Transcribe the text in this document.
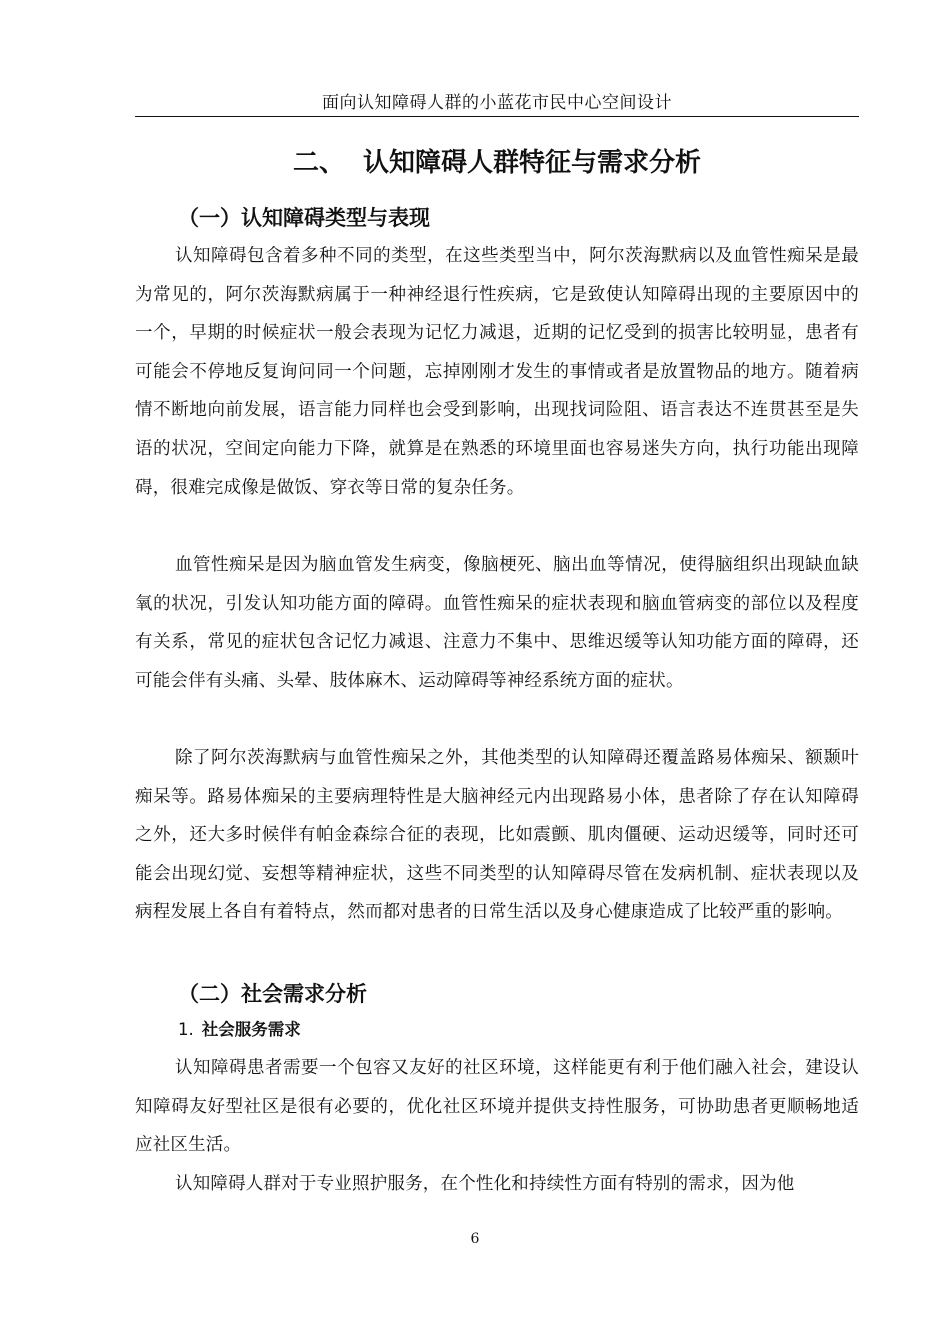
面向认知障碍人群的小蓝花市民中心空间设计
二、 认知障碍人群特征与需求分析
（一）认知障碍类型与表现

认知障碍包含着多种不同的类型，在这些类型当中，阿尔茨海默病以及血管性痴呆是最为常见的，阿尔茨海默病属于一种神经退行性疾病，它是致使认知障碍出现的主要原因中的一个，早期的时候症状一般会表现为记忆力减退，近期的记忆受到的损害比较明显，患者有可能会不停地反复询问同一个问题，忘掉刚刚才发生的事情或者是放置物品的地方。随着病情不断地向前发展，语言能力同样也会受到影响，出现找词险阻、语言表达不连贯甚至是失语的状况，空间定向能力下降，就算是在熟悉的环境里面也容易迷失方向，执行功能出现障碍，很难完成像是做饭、穿衣等日常的复杂任务。

血管性痴呆是因为脑血管发生病变，像脑梗死、脑出血等情况，使得脑组织出现缺血缺氧的状况，引发认知功能方面的障碍。血管性痴呆的症状表现和脑血管病变的部位以及程度有关系，常见的症状包含记忆力减退、注意力不集中、思维迟缓等认知功能方面的障碍，还可能会伴有头痛、头晕、肢体麻木、运动障碍等神经系统方面的症状。

除了阿尔茨海默病与血管性痴呆之外，其他类型的认知障碍还覆盖路易体痴呆、额颞叶痴呆等。路易体痴呆的主要病理特性是大脑神经元内出现路易小体，患者除了存在认知障碍之外，还大多时候伴有帕金森综合征的表现，比如震颤、肌肉僵硬、运动迟缓等，同时还可能会出现幻觉、妄想等精神症状，这些不同类型的认知障碍尽管在发病机制、症状表现以及病程发展上各自有着特点，然而都对患者的日常生活以及身心健康造成了比较严重的影响。

（二）社会需求分析
1. 社会服务需求

认知障碍患者需要一个包容又友好的社区环境，这样能更有利于他们融入社会，建设认知障碍友好型社区是很有必要的，优化社区环境并提供支持性服务，可协助患者更顺畅地适应社区生活。

认知障碍人群对于专业照护服务，在个性化和持续性方面有特别的需求，因为他

6
